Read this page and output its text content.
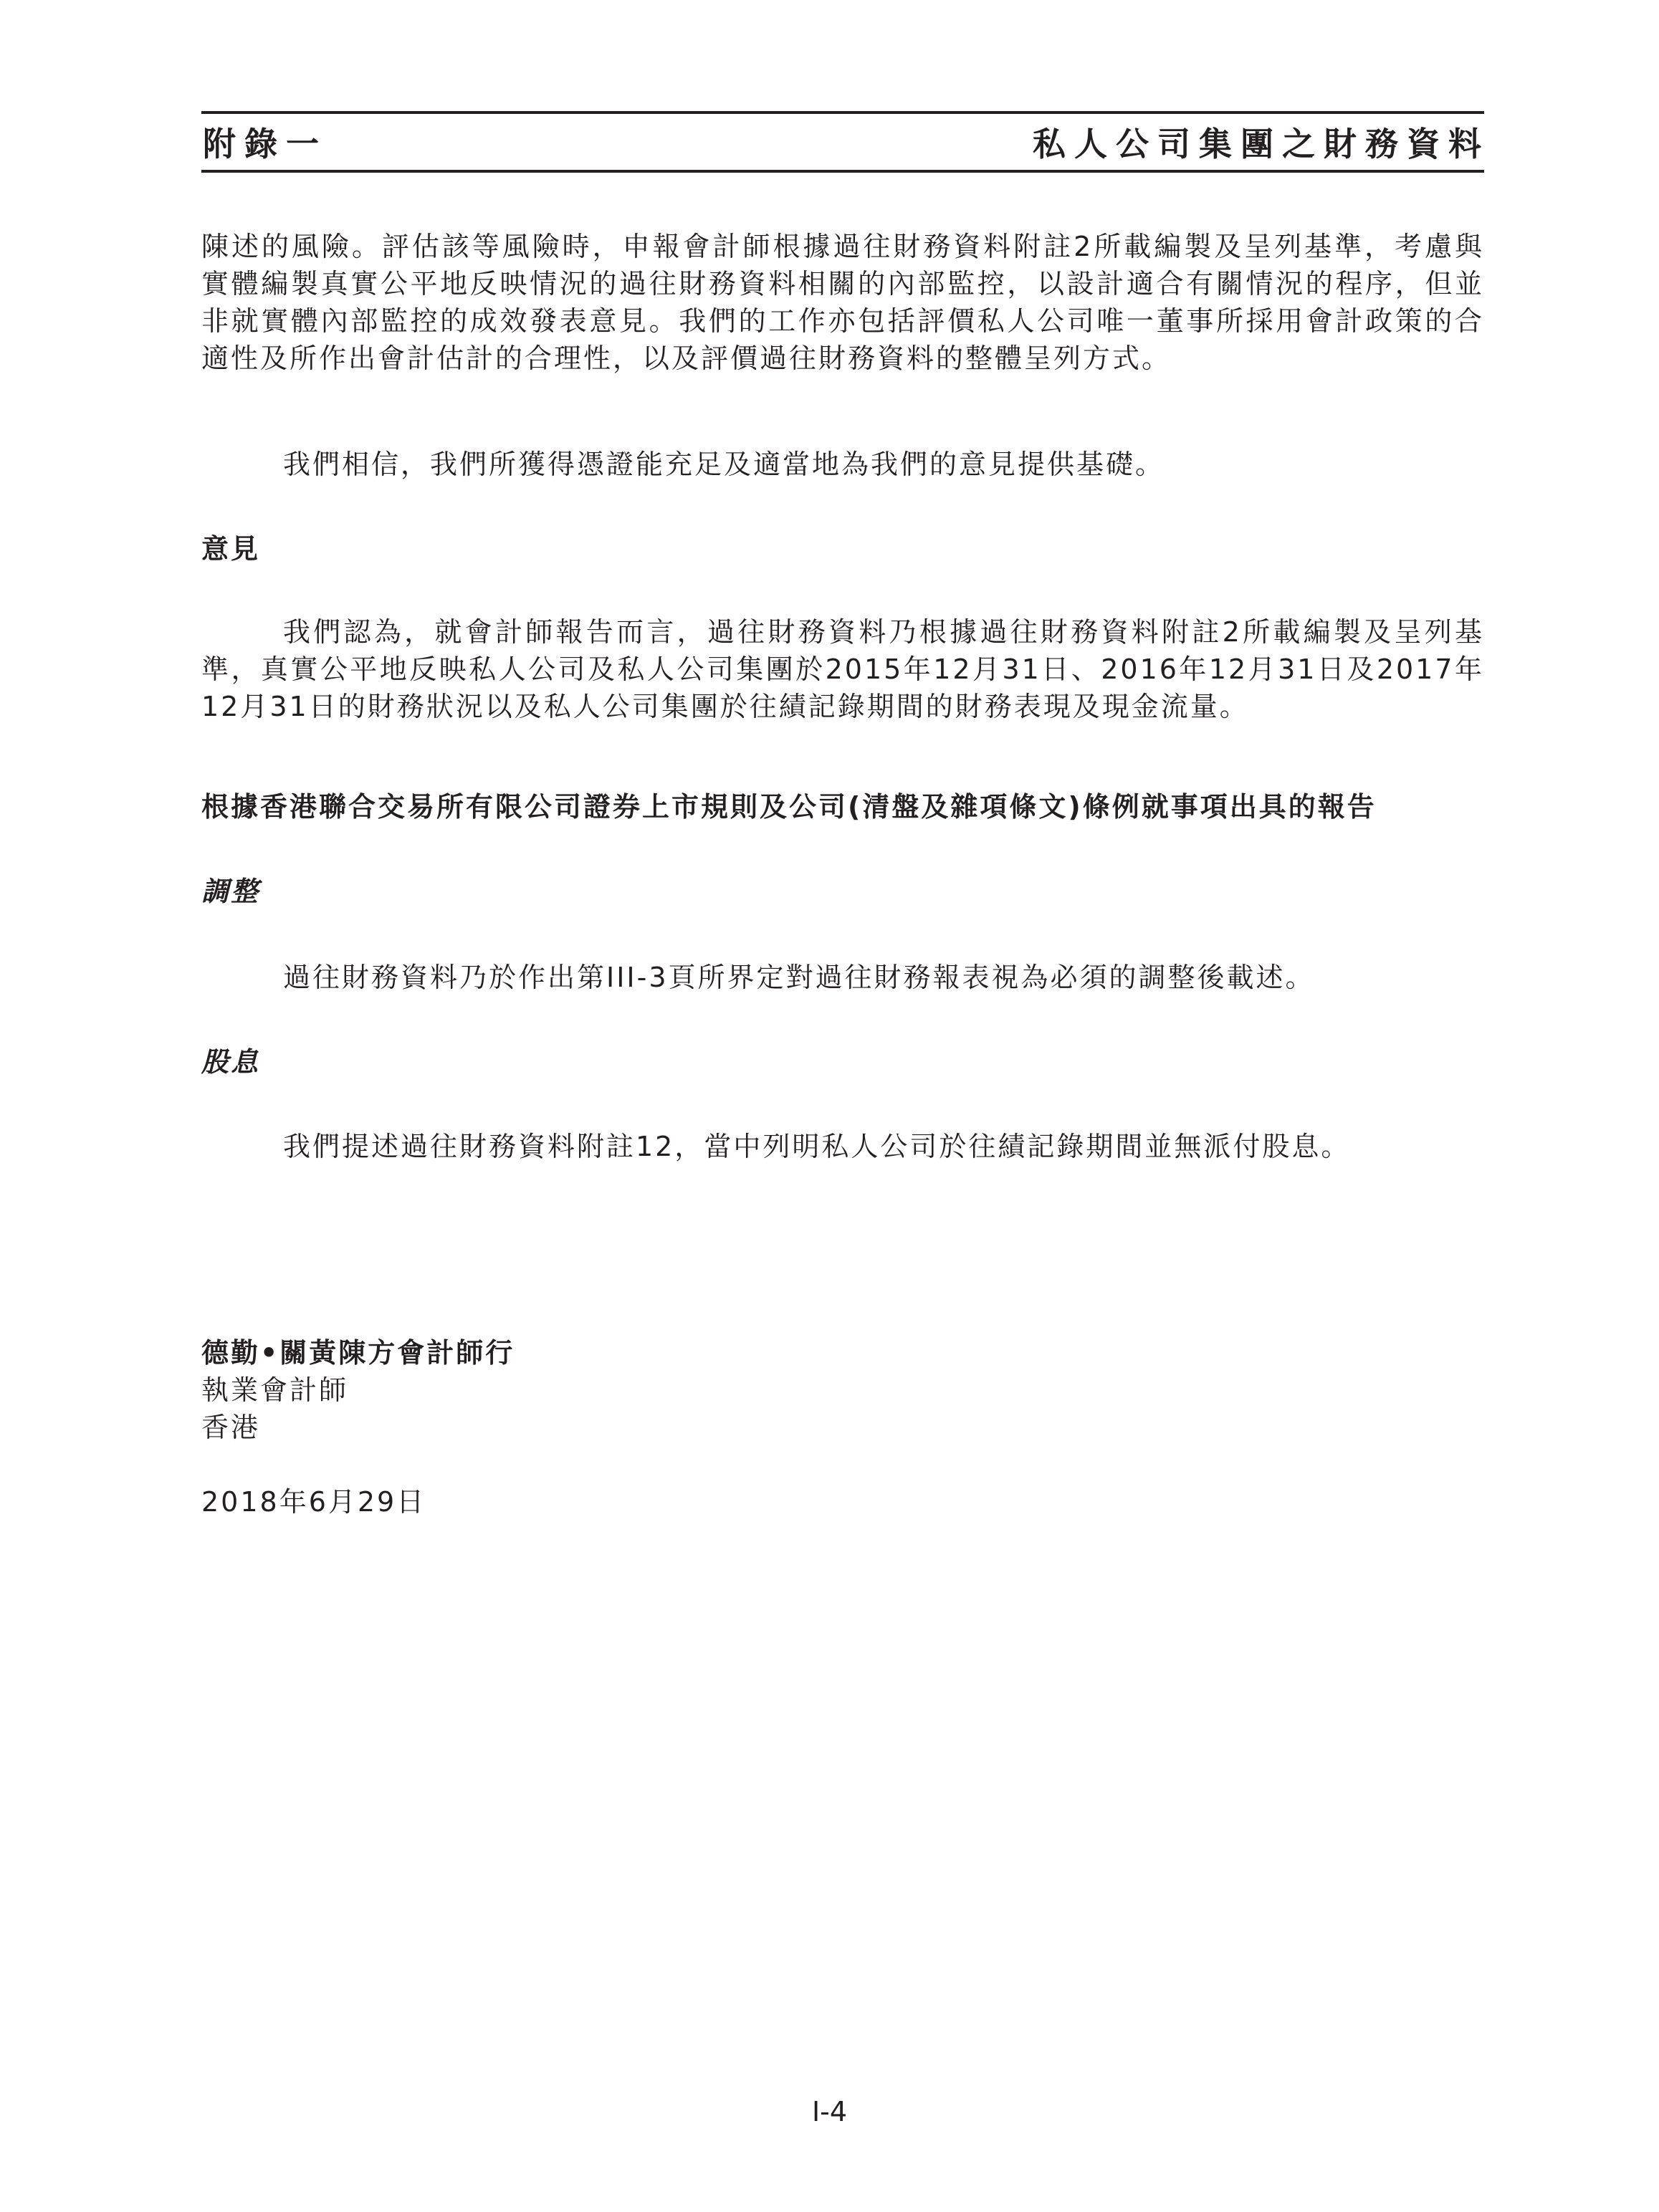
附錄一	私人公司集團之財務資料

陳述的風險。評估該等風險時，申報會計師根據過往財務資料附註2所載編製及呈列基準，考慮與實體編製真實公平地反映情況的過往財務資料相關的內部監控，以設計適合有關情況的程序，但並非就實體內部監控的成效發表意見。我們的工作亦包括評價私人公司唯一董事所採用會計政策的合適性及所作出會計估計的合理性，以及評價過往財務資料的整體呈列方式。

我們相信，我們所獲得憑證能充足及適當地為我們的意見提供基礎。

意見

我們認為，就會計師報告而言，過往財務資料乃根據過往財務資料附註2所載編製及呈列基準，真實公平地反映私人公司及私人公司集團於2015年12月31日、2016年12月31日及2017年12月31日的財務狀況以及私人公司集團於往績記錄期間的財務表現及現金流量。

根據香港聯合交易所有限公司證券上市規則及公司(清盤及雜項條文)條例就事項出具的報告

調整

過往財務資料乃於作出第III-3頁所界定對過往財務報表視為必須的調整後載述。

股息

我們提述過往財務資料附註12，當中列明私人公司於往績記錄期間並無派付股息。

德勤•關黃陳方會計師行

執業會計師

香港

2018年6月29日

I-4
